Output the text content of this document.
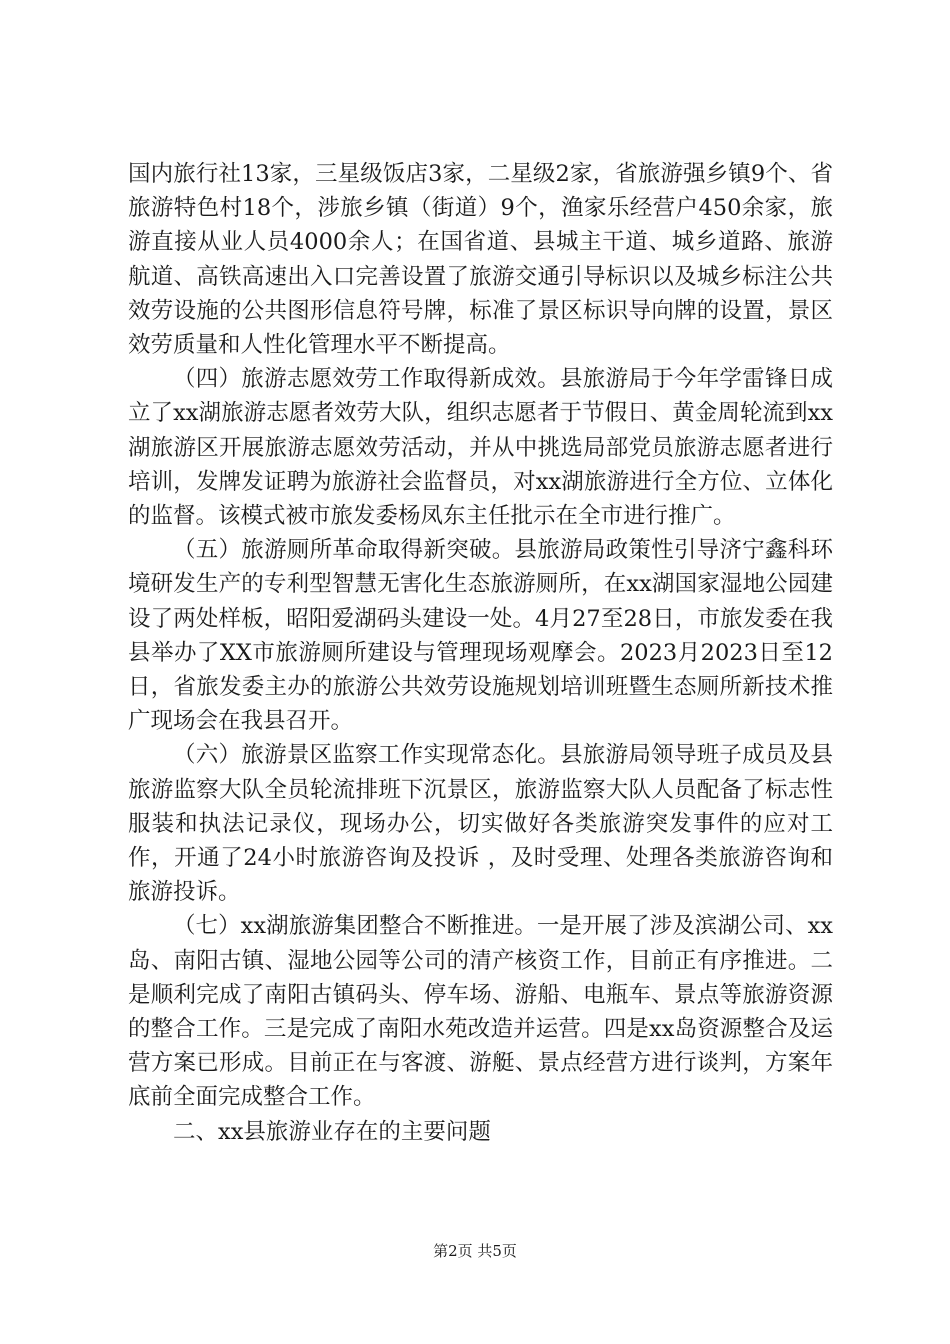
国内旅行社13家，三星级饭店3家，二星级2家，省旅游强乡镇9个、省旅游特色村18个，涉旅乡镇（街道）9个，渔家乐经营户450余家，旅游直接从业人员4000余人；在国省道、县城主干道、城乡道路、旅游航道、高铁高速出入口完善设置了旅游交通引导标识以及城乡标注公共效劳设施的公共图形信息符号牌，标准了景区标识导向牌的设置，景区效劳质量和人性化管理水平不断提高。

（四）旅游志愿效劳工作取得新成效。县旅游局于今年学雷锋日成立了xx湖旅游志愿者效劳大队，组织志愿者于节假日、黄金周轮流到xx湖旅游区开展旅游志愿效劳活动，并从中挑选局部党员旅游志愿者进行培训，发牌发证聘为旅游社会监督员，对xx湖旅游进行全方位、立体化的监督。该模式被市旅发委杨凤东主任批示在全市进行推广。

（五）旅游厕所革命取得新突破。县旅游局政策性引导济宁鑫科环境研发生产的专利型智慧无害化生态旅游厕所，在xx湖国家湿地公园建设了两处样板，昭阳爱湖码头建设一处。4月27至28日，市旅发委在我县举办了XX市旅游厕所建设与管理现场观摩会。2023月2023日至12日，省旅发委主办的旅游公共效劳设施规划培训班暨生态厕所新技术推广现场会在我县召开。

（六）旅游景区监察工作实现常态化。县旅游局领导班子成员及县旅游监察大队全员轮流排班下沉景区，旅游监察大队人员配备了标志性服装和执法记录仪，现场办公，切实做好各类旅游突发事件的应对工作，开通了24小时旅游咨询及投诉 ，及时受理、处理各类旅游咨询和旅游投诉。

（七）xx湖旅游集团整合不断推进。一是开展了涉及滨湖公司、xx岛、南阳古镇、湿地公园等公司的清产核资工作，目前正有序推进。二是顺利完成了南阳古镇码头、停车场、游船、电瓶车、景点等旅游资源的整合工作。三是完成了南阳水苑改造并运营。四是xx岛资源整合及运营方案已形成。目前正在与客渡、游艇、景点经营方进行谈判，方案年底前全面完成整合工作。

二、xx县旅游业存在的主要问题

第2页 共5页
